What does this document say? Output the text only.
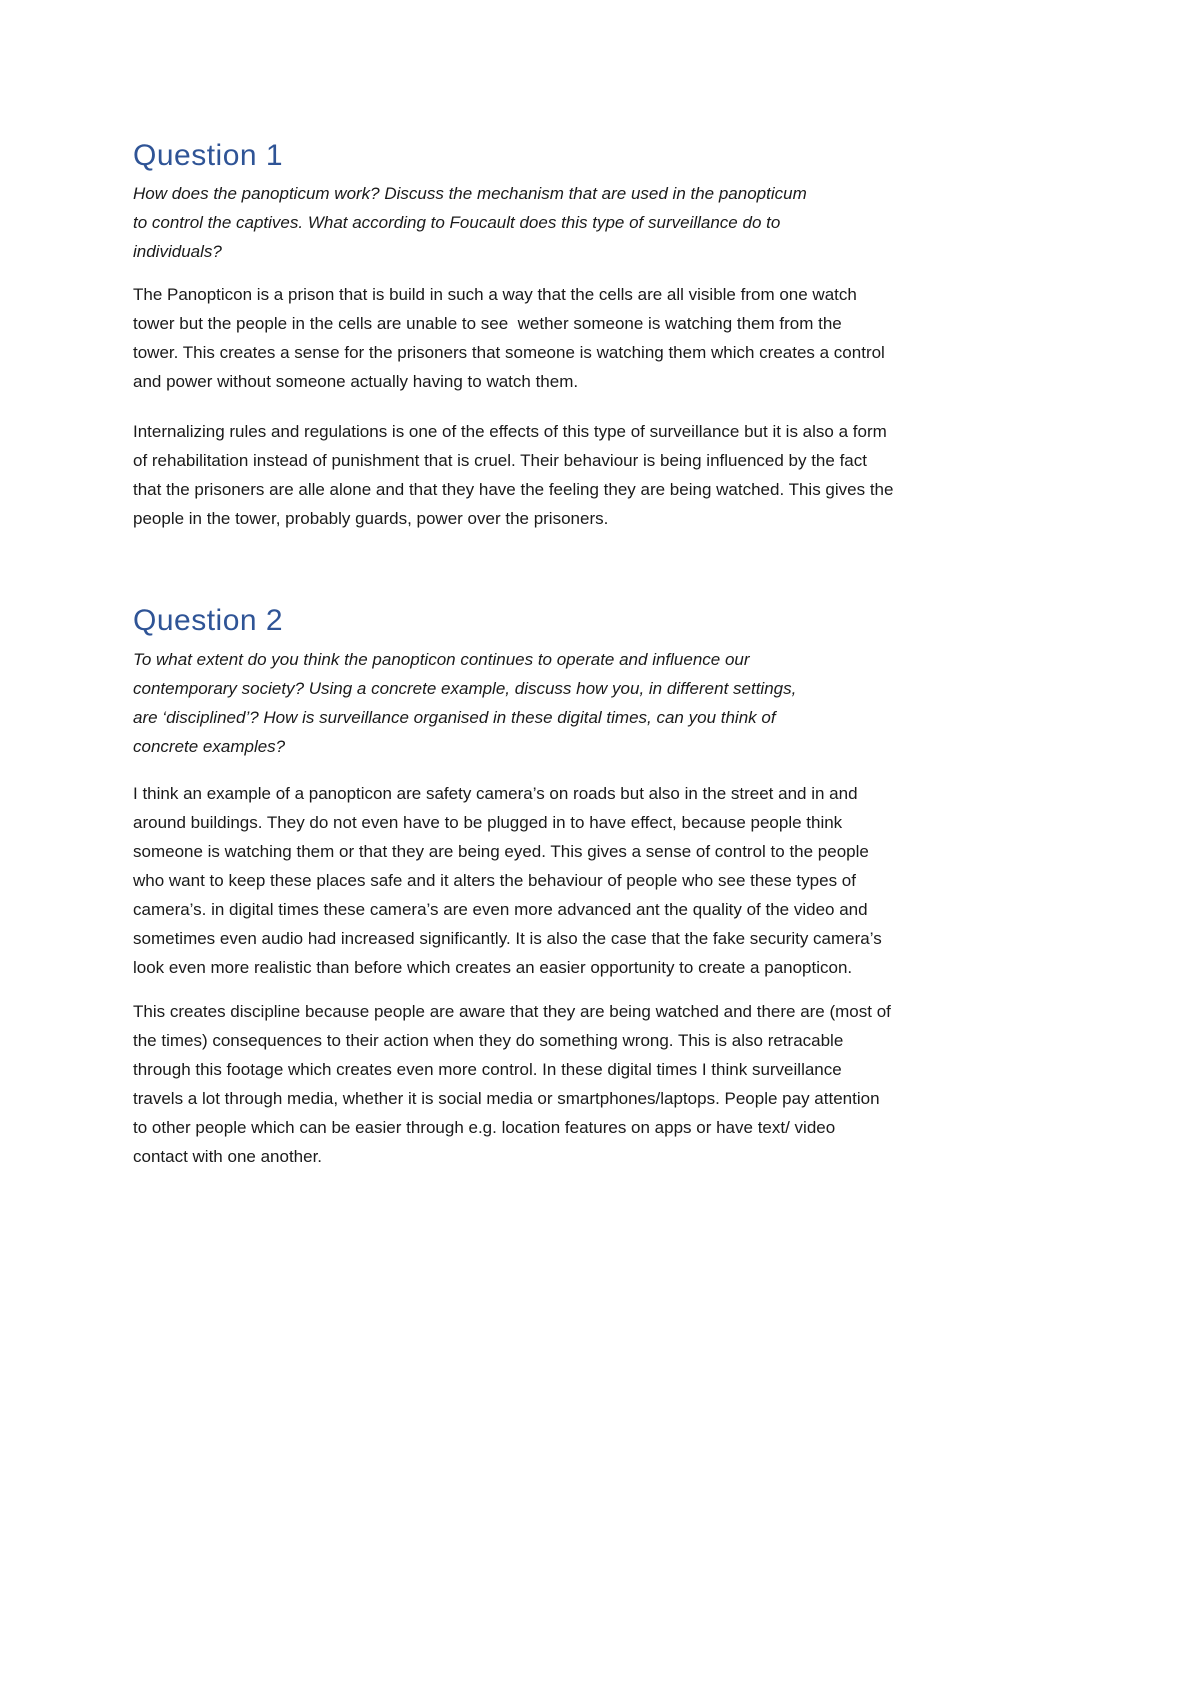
Question 1
How does the panopticum work? Discuss the mechanism that are used in the panopticum
to control the captives. What according to Foucault does this type of surveillance do to
individuals?
The Panopticon is a prison that is build in such a way that the cells are all visible from one watch
tower but the people in the cells are unable to see  wether someone is watching them from the
tower. This creates a sense for the prisoners that someone is watching them which creates a control
and power without someone actually having to watch them.
Internalizing rules and regulations is one of the effects of this type of surveillance but it is also a form
of rehabilitation instead of punishment that is cruel. Their behaviour is being influenced by the fact
that the prisoners are alle alone and that they have the feeling they are being watched. This gives the
people in the tower, probably guards, power over the prisoners.
Question 2
To what extent do you think the panopticon continues to operate and influence our
contemporary society? Using a concrete example, discuss how you, in different settings,
are ‘disciplined’? How is surveillance organised in these digital times, can you think of
concrete examples?
I think an example of a panopticon are safety camera’s on roads but also in the street and in and
around buildings. They do not even have to be plugged in to have effect, because people think
someone is watching them or that they are being eyed. This gives a sense of control to the people
who want to keep these places safe and it alters the behaviour of people who see these types of
camera’s. in digital times these camera’s are even more advanced ant the quality of the video and
sometimes even audio had increased significantly. It is also the case that the fake security camera’s
look even more realistic than before which creates an easier opportunity to create a panopticon.
This creates discipline because people are aware that they are being watched and there are (most of
the times) consequences to their action when they do something wrong. This is also retracable
through this footage which creates even more control. In these digital times I think surveillance
travels a lot through media, whether it is social media or smartphones/laptops. People pay attention
to other people which can be easier through e.g. location features on apps or have text/ video
contact with one another.
